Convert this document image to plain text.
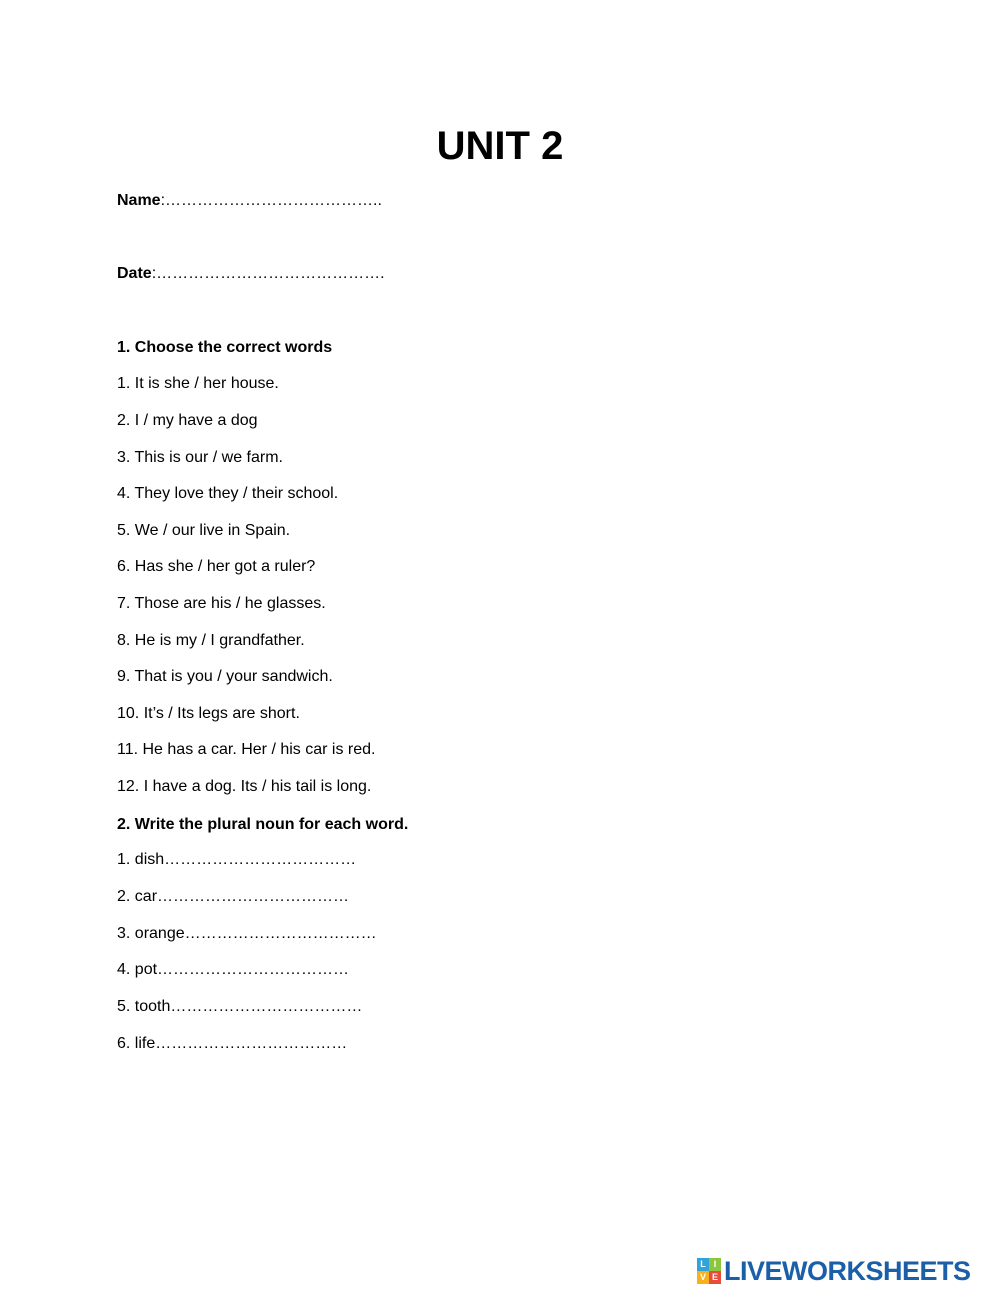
UNIT 2
Name:…………………………………..
Date:…………………………………….
1. Choose the correct words
1. It is she / her house.
2. I / my have a dog
3. This is our / we farm.
4. They love they / their school.
5. We / our live in Spain.
6. Has she / her got a ruler?
7. Those are his / he glasses.
8. He is my / I grandfather.
9. That is you / your sandwich.
10. It’s / Its legs are short.
11. He has a car. Her / his car is red.
12. I have a dog. Its / his tail is long.
2. Write the plural noun for each word.
1. dish………………………………
2. car………………………………
3. orange………………………………
4. pot………………………………
5. tooth………………………………
6. life………………………………
L I
V E LIVEWORKSHEETS
